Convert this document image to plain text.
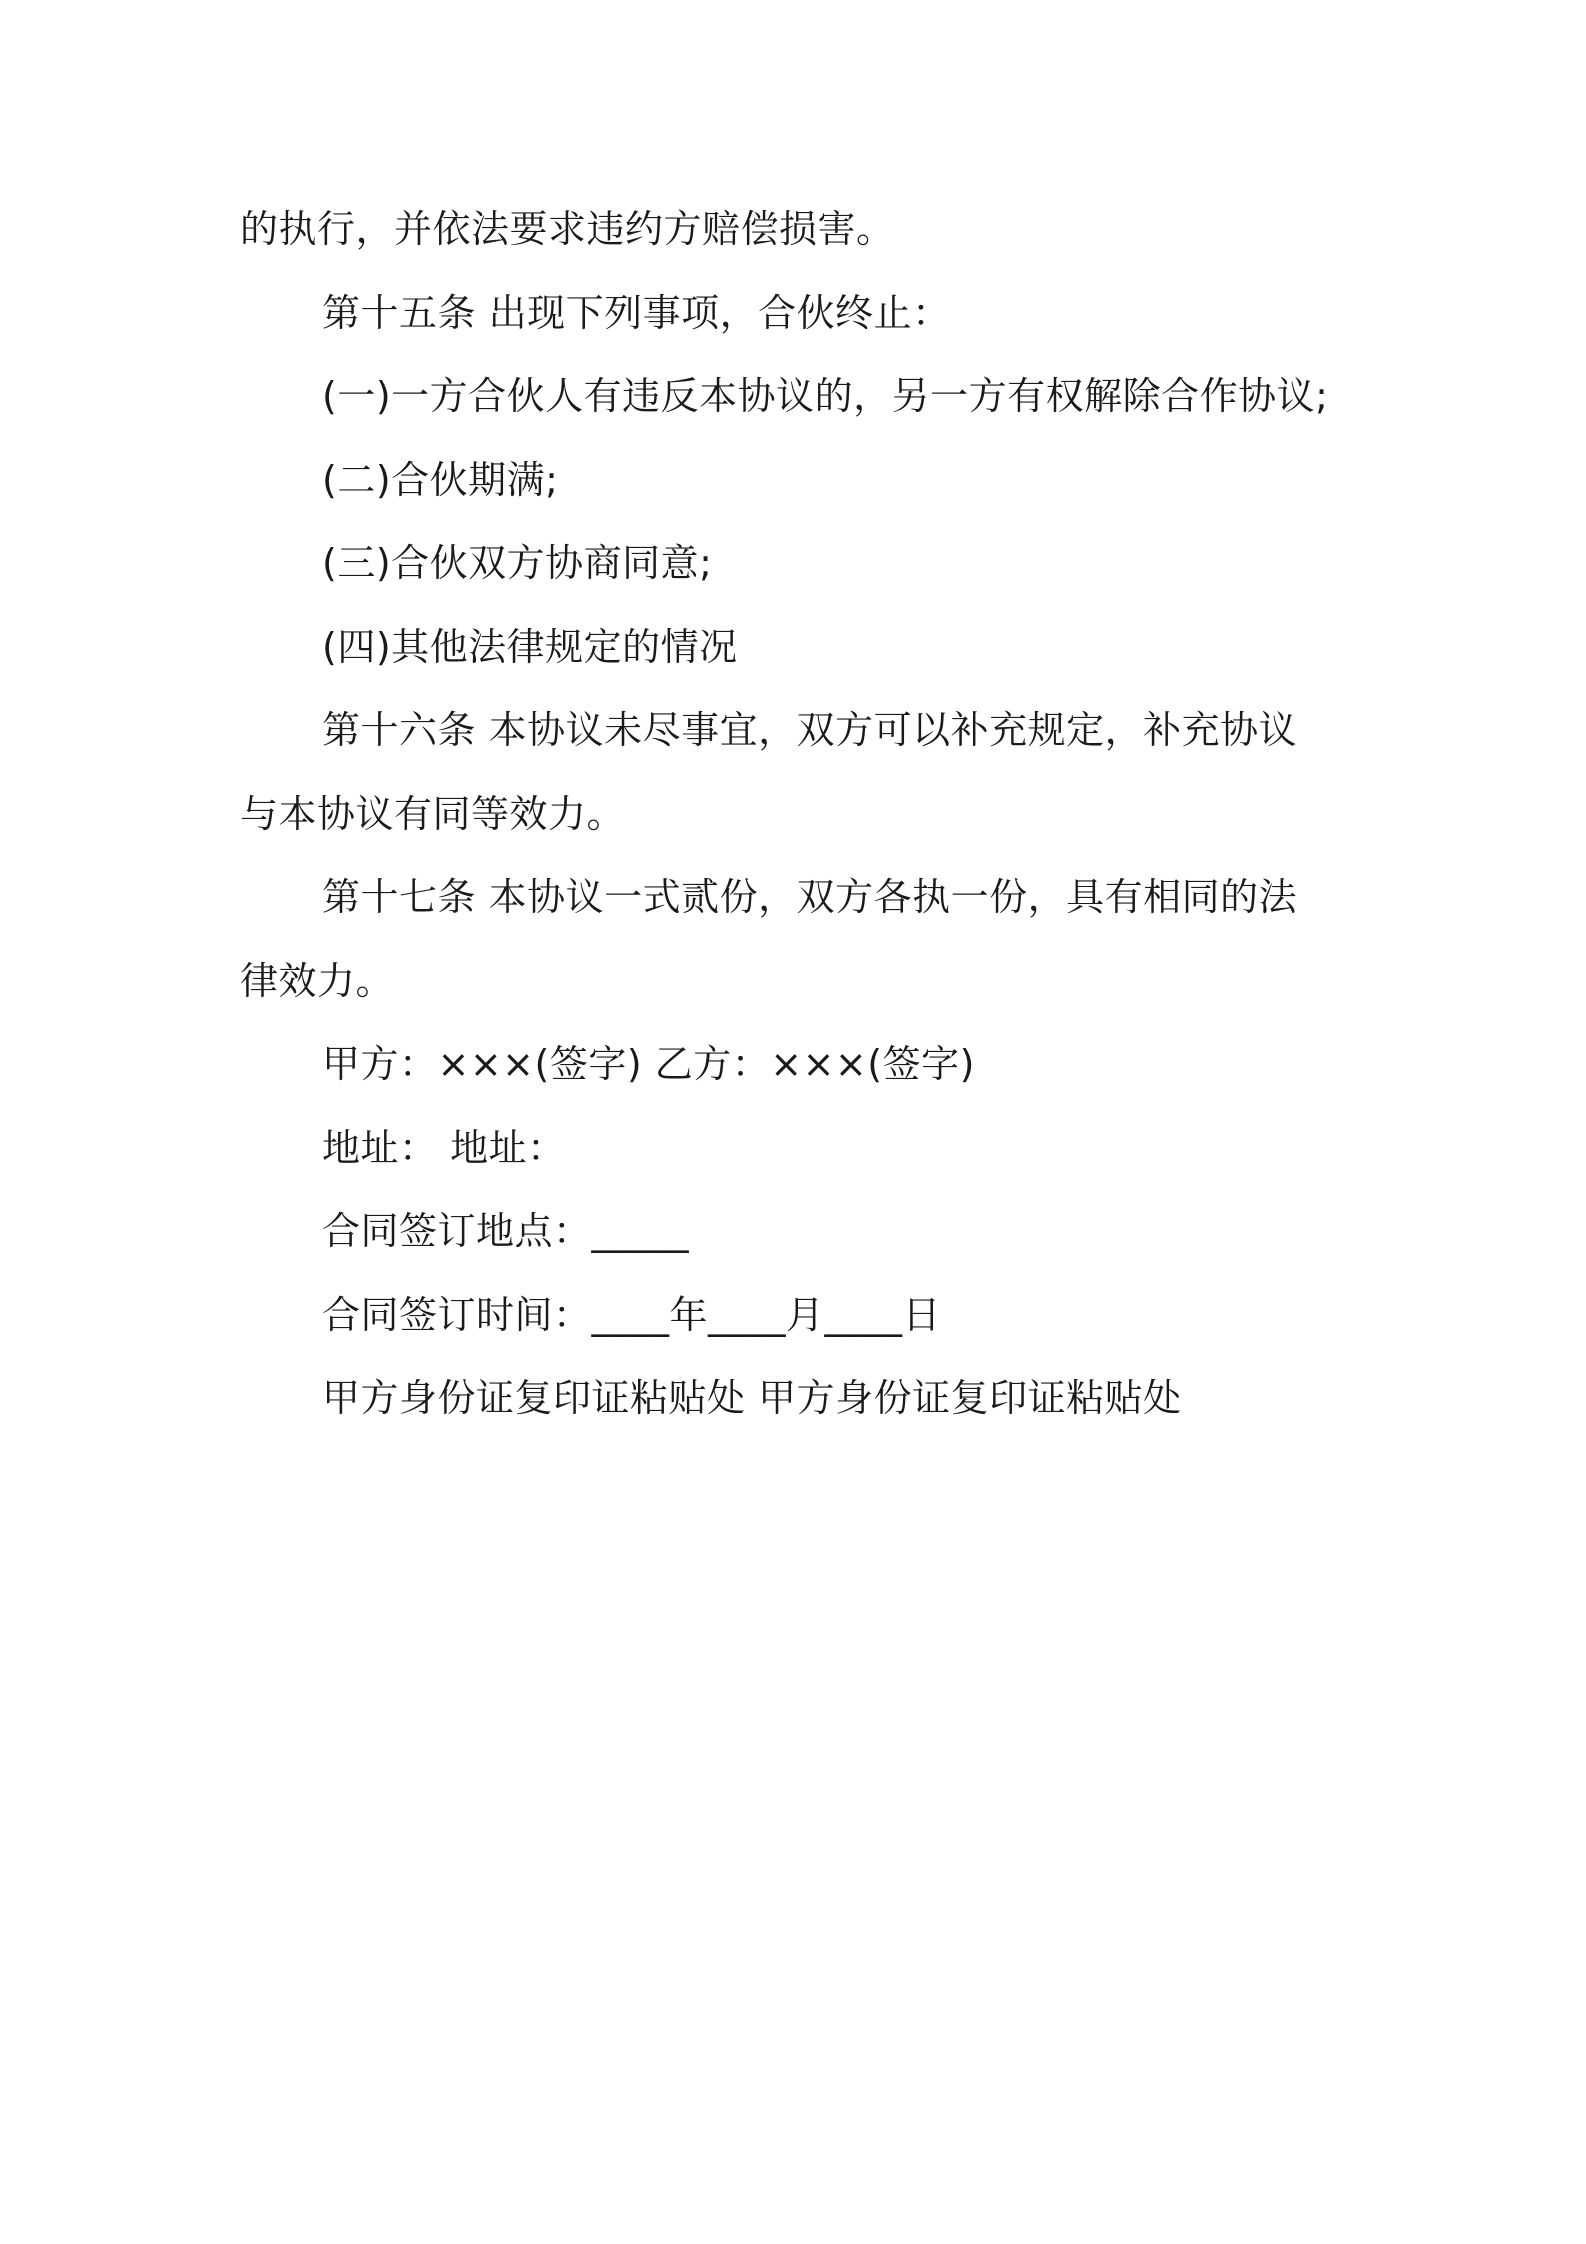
的执行，并依法要求违约方赔偿损害。
第十五条 出现下列事项，合伙终止：
(一)一方合伙人有违反本协议的，另一方有权解除合作协议;
(二)合伙期满;
(三)合伙双方协商同意;
(四)其他法律规定的情况
第十六条 本协议未尽事宜，双方可以补充规定，补充协议
与本协议有同等效力。
第十七条 本协议一式贰份，双方各执一份，具有相同的法
律效力。
甲方：×××(签字) 乙方：×××(签字)
地址： 地址：
合同签订地点：_____
合同签订时间：____年____月____日
甲方身份证复印证粘贴处 甲方身份证复印证粘贴处
